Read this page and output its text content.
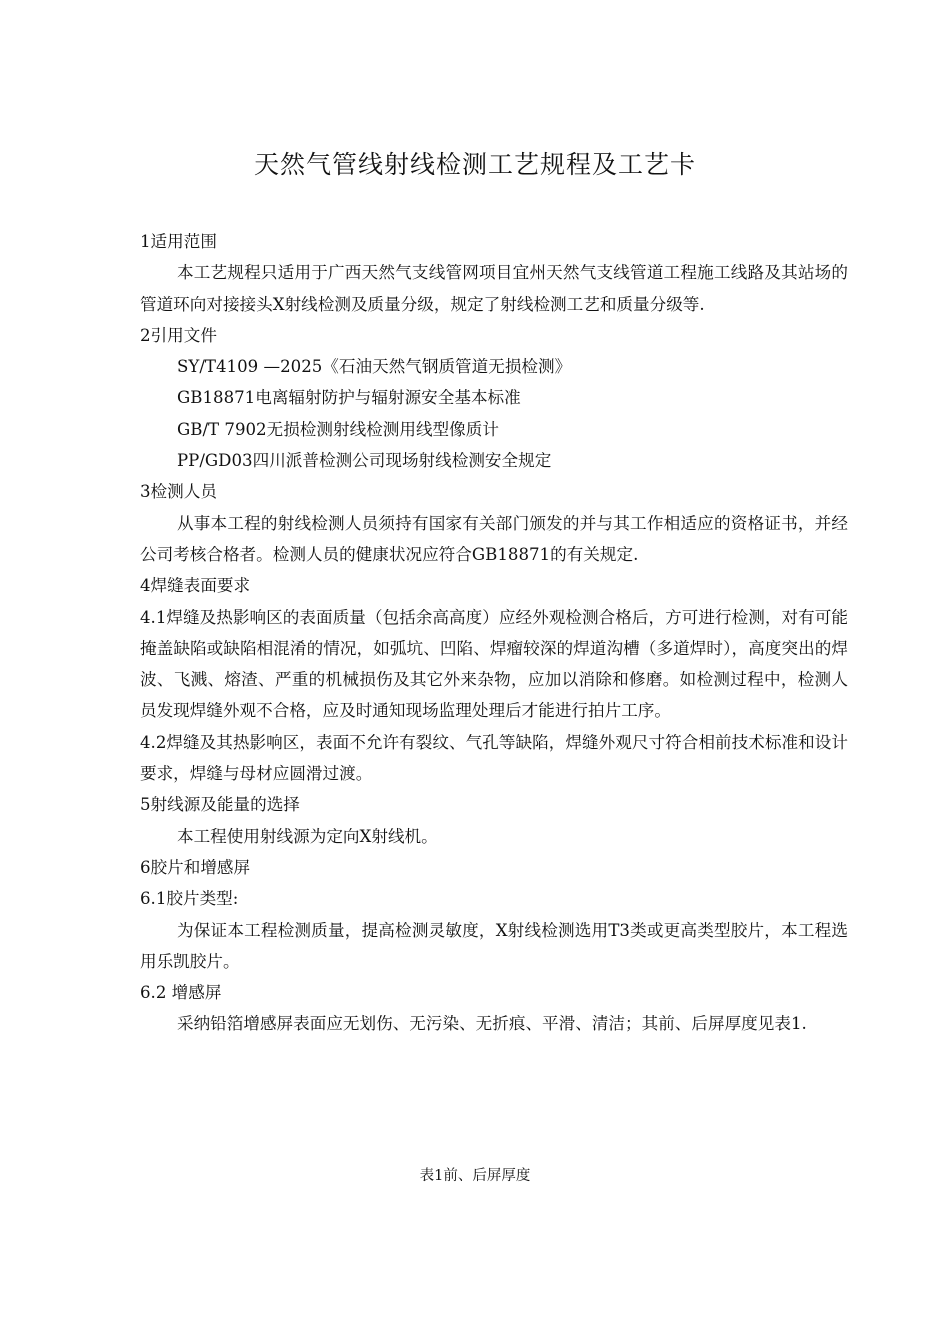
天然气管线射线检测工艺规程及工艺卡

1适用范围

本工艺规程只适用于广西天然气支线管网项目宜州天然气支线管道工程施工线路及其站场的管道环向对接接头X射线检测及质量分级，规定了射线检测工艺和质量分级等.

2引用文件

SY/T4109 —2025《石油天然气钢质管道无损检测》

GB18871电离辐射防护与辐射源安全基本标准

GB/T 7902无损检测射线检测用线型像质计

PP/GD03四川派普检测公司现场射线检测安全规定

3检测人员

从事本工程的射线检测人员须持有国家有关部门颁发的并与其工作相适应的资格证书，并经公司考核合格者。检测人员的健康状况应符合GB18871的有关规定.

4焊缝表面要求

4.1焊缝及热影响区的表面质量（包括余高高度）应经外观检测合格后，方可进行检测，对有可能掩盖缺陷或缺陷相混淆的情况，如弧坑、凹陷、焊瘤较深的焊道沟槽（多道焊时），高度突出的焊波、飞溅、熔渣、严重的机械损伤及其它外来杂物，应加以消除和修磨。如检测过程中，检测人员发现焊缝外观不合格，应及时通知现场监理处理后才能进行拍片工序。

4.2焊缝及其热影响区，表面不允许有裂纹、气孔等缺陷，焊缝外观尺寸符合相前技术标准和设计要求，焊缝与母材应圆滑过渡。

5射线源及能量的选择

本工程使用射线源为定向X射线机。

6胶片和增感屏

6.1胶片类型:

为保证本工程检测质量，提高检测灵敏度，X射线检测选用T3类或更高类型胶片，本工程选用乐凯胶片。

6.2 增感屏

采纳铅箔增感屏表面应无划伤、无污染、无折痕、平滑、清洁；其前、后屏厚度见表1.

表1前、后屏厚度
